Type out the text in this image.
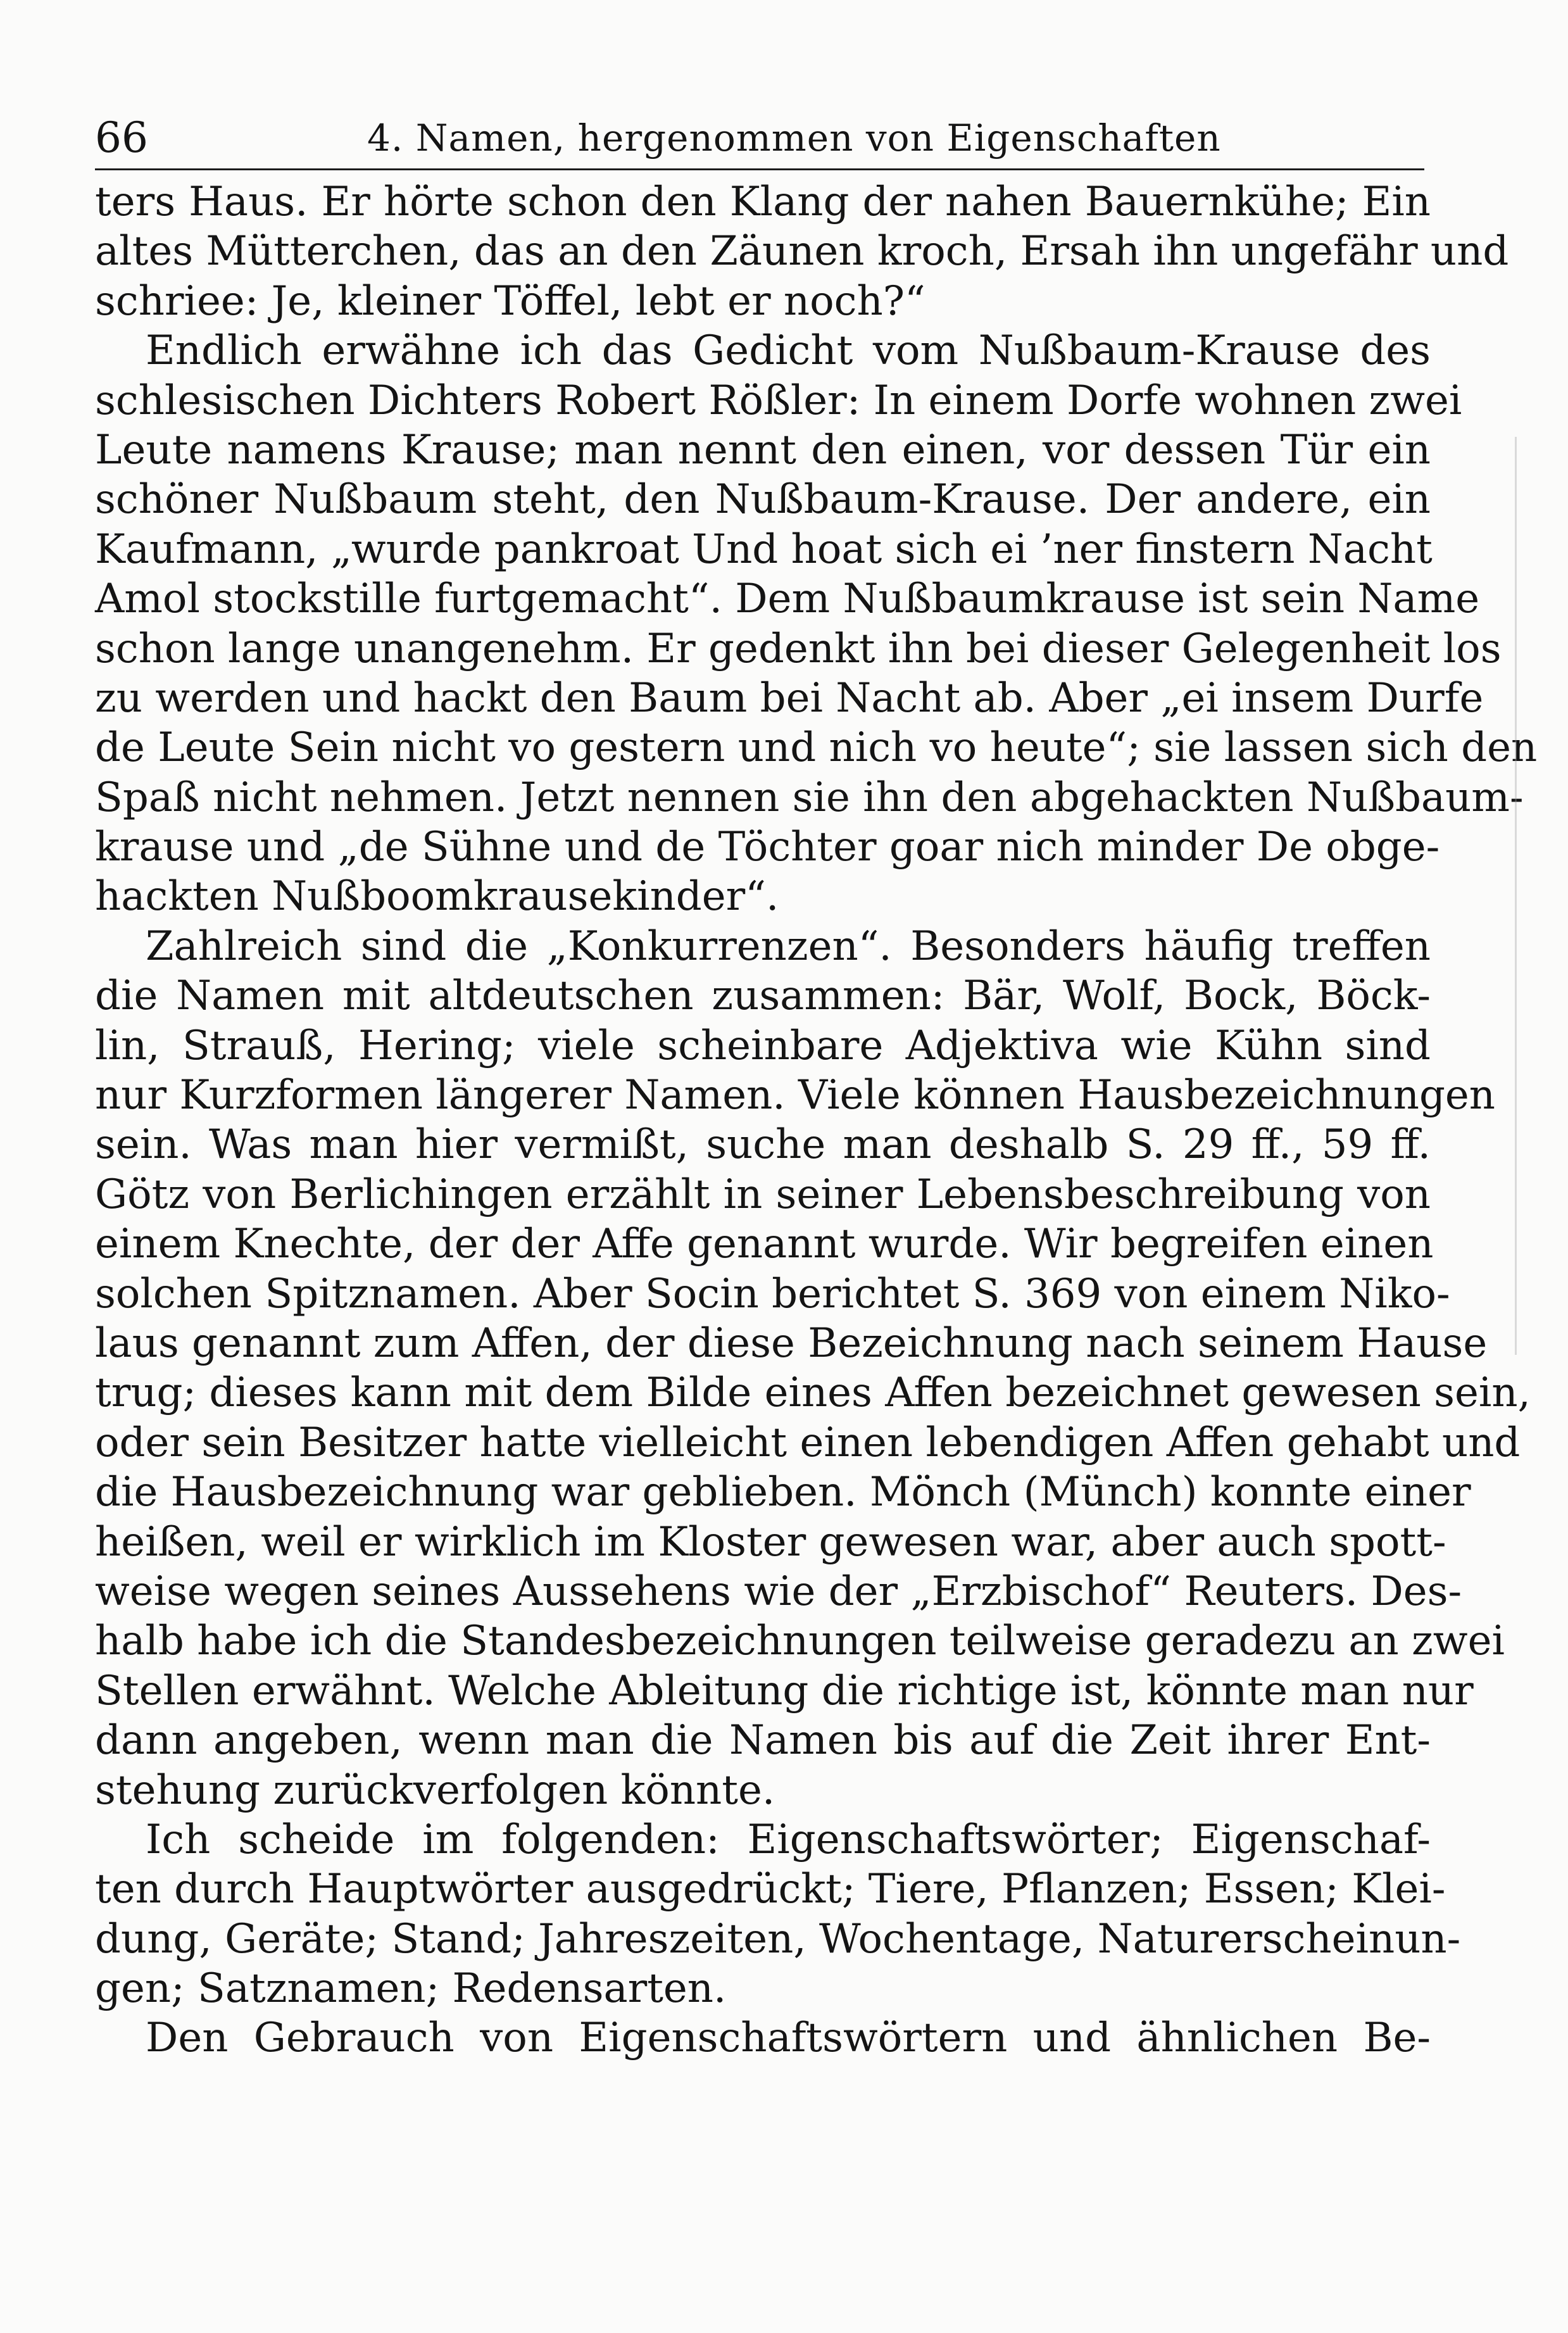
66	4. Namen, hergenommen von Eigenschaften
ters Haus. Er hörte schon den Klang der nahen Bauernkühe; Ein
altes Mütterchen, das an den Zäunen kroch, Ersah ihn ungefähr und
schriee: Je, kleiner Töffel, lebt er noch?“
Endlich erwähne ich das Gedicht vom Nußbaum-Krause des
schlesischen Dichters Robert Rößler: In einem Dorfe wohnen zwei
Leute namens Krause; man nennt den einen, vor dessen Tür ein
schöner Nußbaum steht, den Nußbaum-Krause. Der andere, ein
Kaufmann, „wurde pankroat Und hoat sich ei ’ner finstern Nacht
Amol stockstille furtgemacht“. Dem Nußbaumkrause ist sein Name
schon lange unangenehm. Er gedenkt ihn bei dieser Gelegenheit los
zu werden und hackt den Baum bei Nacht ab. Aber „ei insem Durfe
de Leute Sein nicht vo gestern und nich vo heute“; sie lassen sich den
Spaß nicht nehmen. Jetzt nennen sie ihn den abgehackten Nußbaum-
krause und „de Sühne und de Töchter goar nich minder De obge-
hackten Nußboomkrausekinder“.
Zahlreich sind die „Konkurrenzen“. Besonders häufig treffen
die Namen mit altdeutschen zusammen: Bär, Wolf, Bock, Böck-
lin, Strauß, Hering; viele scheinbare Adjektiva wie Kühn sind
nur Kurzformen längerer Namen. Viele können Hausbezeichnungen
sein. Was man hier vermißt, suche man deshalb S. 29 ff., 59 ff.
Götz von Berlichingen erzählt in seiner Lebensbeschreibung von
einem Knechte, der der Affe genannt wurde. Wir begreifen einen
solchen Spitznamen. Aber Socin berichtet S. 369 von einem Niko-
laus genannt zum Affen, der diese Bezeichnung nach seinem Hause
trug; dieses kann mit dem Bilde eines Affen bezeichnet gewesen sein,
oder sein Besitzer hatte vielleicht einen lebendigen Affen gehabt und
die Hausbezeichnung war geblieben. Mönch (Münch) konnte einer
heißen, weil er wirklich im Kloster gewesen war, aber auch spott-
weise wegen seines Aussehens wie der „Erzbischof“ Reuters. Des-
halb habe ich die Standesbezeichnungen teilweise geradezu an zwei
Stellen erwähnt. Welche Ableitung die richtige ist, könnte man nur
dann angeben, wenn man die Namen bis auf die Zeit ihrer Ent-
stehung zurückverfolgen könnte.
Ich scheide im folgenden: Eigenschaftswörter; Eigenschaf-
ten durch Hauptwörter ausgedrückt; Tiere, Pflanzen; Essen; Klei-
dung, Geräte; Stand; Jahreszeiten, Wochentage, Naturerscheinun-
gen; Satznamen; Redensarten.
Den Gebrauch von Eigenschaftswörtern und ähnlichen Be-
